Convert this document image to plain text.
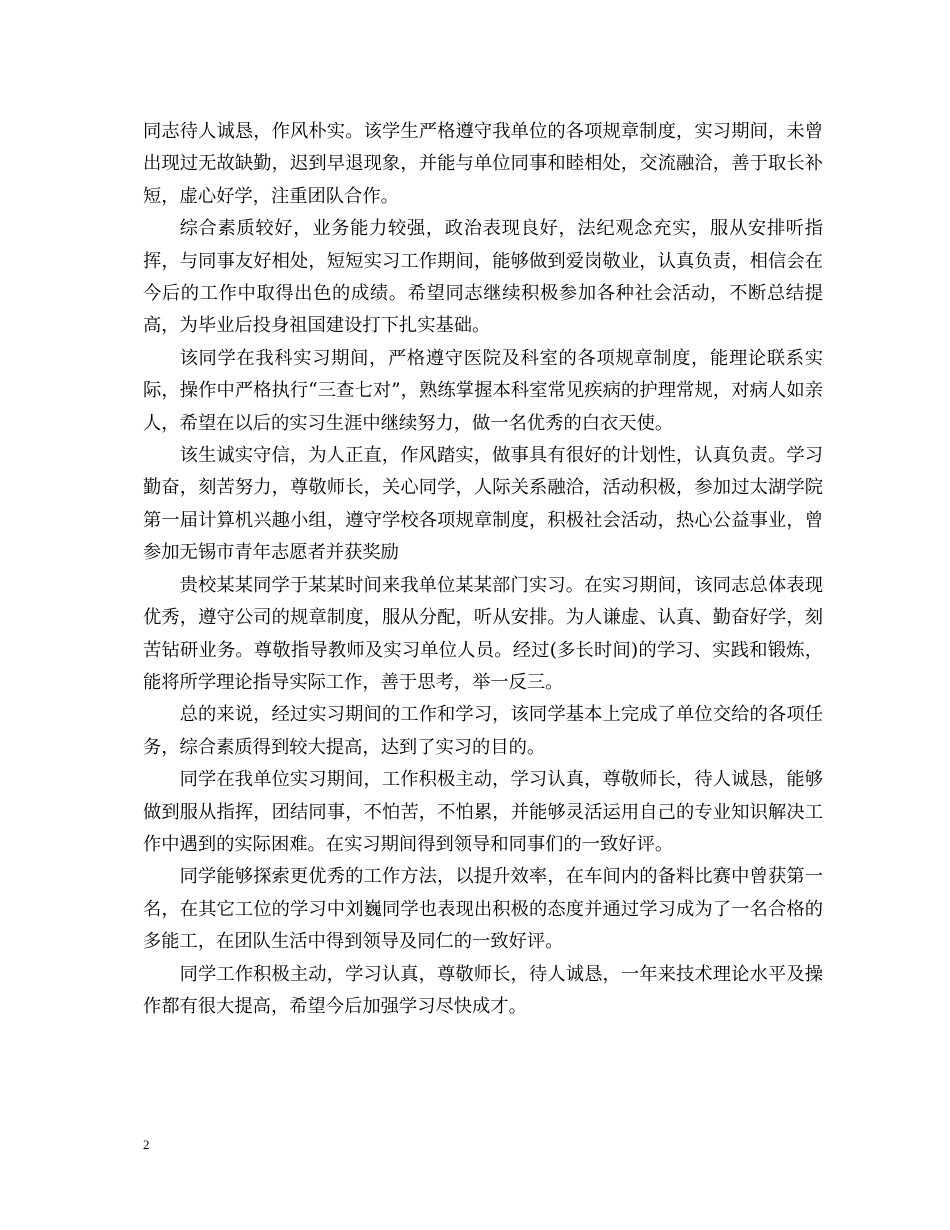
同志待人诚恳，作风朴实。该学生严格遵守我单位的各项规章制度，实习期间，未曾出现过无故缺勤，迟到早退现象，并能与单位同事和睦相处，交流融洽，善于取长补短，虚心好学，注重团队合作。

综合素质较好，业务能力较强，政治表现良好，法纪观念充实，服从安排听指挥，与同事友好相处，短短实习工作期间，能够做到爱岗敬业，认真负责，相信会在今后的工作中取得出色的成绩。希望同志继续积极参加各种社会活动，不断总结提高，为毕业后投身祖国建设打下扎实基础。

该同学在我科实习期间，严格遵守医院及科室的各项规章制度，能理论联系实际，操作中严格执行“三查七对”，熟练掌握本科室常见疾病的护理常规，对病人如亲人，希望在以后的实习生涯中继续努力，做一名优秀的白衣天使。

该生诚实守信，为人正直，作风踏实，做事具有很好的计划性，认真负责。学习勤奋，刻苦努力，尊敬师长，关心同学，人际关系融洽，活动积极，参加过太湖学院 第一届计算机兴趣小组，遵守学校各项规章制度，积极社会活动，热心公益事业，曾参加无锡市青年志愿者并获奖励

贵校某某同学于某某时间来我单位某某部门实习。在实习期间，该同志总体表现优秀，遵守公司的规章制度，服从分配，听从安排。为人谦虚、认真、勤奋好学，刻苦钻研业务。尊敬指导教师及实习单位人员。经过(多长时间)的学习、实践和锻炼，能将所学理论指导实际工作，善于思考，举一反三。

总的来说，经过实习期间的工作和学习，该同学基本上完成了单位交给的各项任务，综合素质得到较大提高，达到了实习的目的。

同学在我单位实习期间，工作积极主动，学习认真，尊敬师长，待人诚恳，能够做到服从指挥，团结同事，不怕苦，不怕累，并能够灵活运用自己的专业知识解决工作中遇到的实际困难。在实习期间得到领导和同事们的一致好评。

同学能够探索更优秀的工作方法，以提升效率，在车间内的备料比赛中曾获第一名，在其它工位的学习中刘巍同学也表现出积极的态度并通过学习成为了一名合格的多能工，在团队生活中得到领导及同仁的一致好评。

同学工作积极主动，学习认真，尊敬师长，待人诚恳，一年来技术理论水平及操作都有很大提高，希望今后加强学习尽快成才。

2
